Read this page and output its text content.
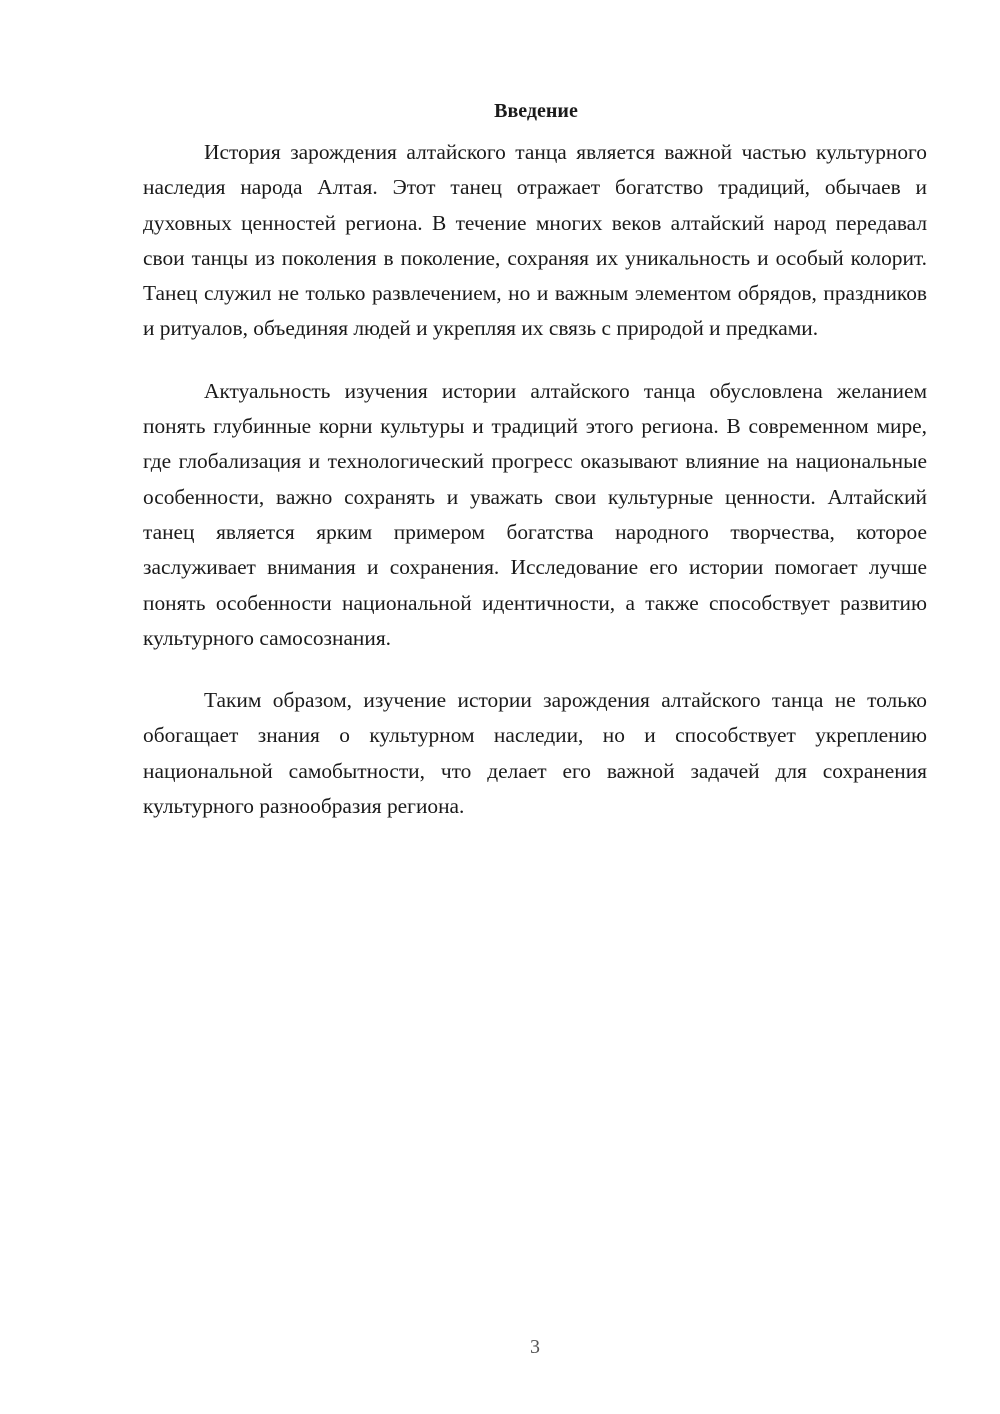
Введение

История зарождения алтайского танца является важной частью культурного наследия народа Алтая. Этот танец отражает богатство традиций, обычаев и духовных ценностей региона. В течение многих веков алтайский народ передавал свои танцы из поколения в поколение, сохраняя их уникальность и особый колорит. Танец служил не только развлечением, но и важным элементом обрядов, праздников и ритуалов, объединяя людей и укрепляя их связь с природой и предками.

Актуальность изучения истории алтайского танца обусловлена желанием понять глубинные корни культуры и традиций этого региона. В современном мире, где глобализация и технологический прогресс оказывают влияние на национальные особенности, важно сохранять и уважать свои культурные ценности. Алтайский танец является ярким примером богатства народного творчества, которое заслуживает внимания и сохранения. Исследование его истории помогает лучше понять особенности национальной идентичности, а также способствует развитию культурного самосознания.

Таким образом, изучение истории зарождения алтайского танца не только обогащает знания о культурном наследии, но и способствует укреплению национальной самобытности, что делает его важной задачей для сохранения культурного разнообразия региона.

3
